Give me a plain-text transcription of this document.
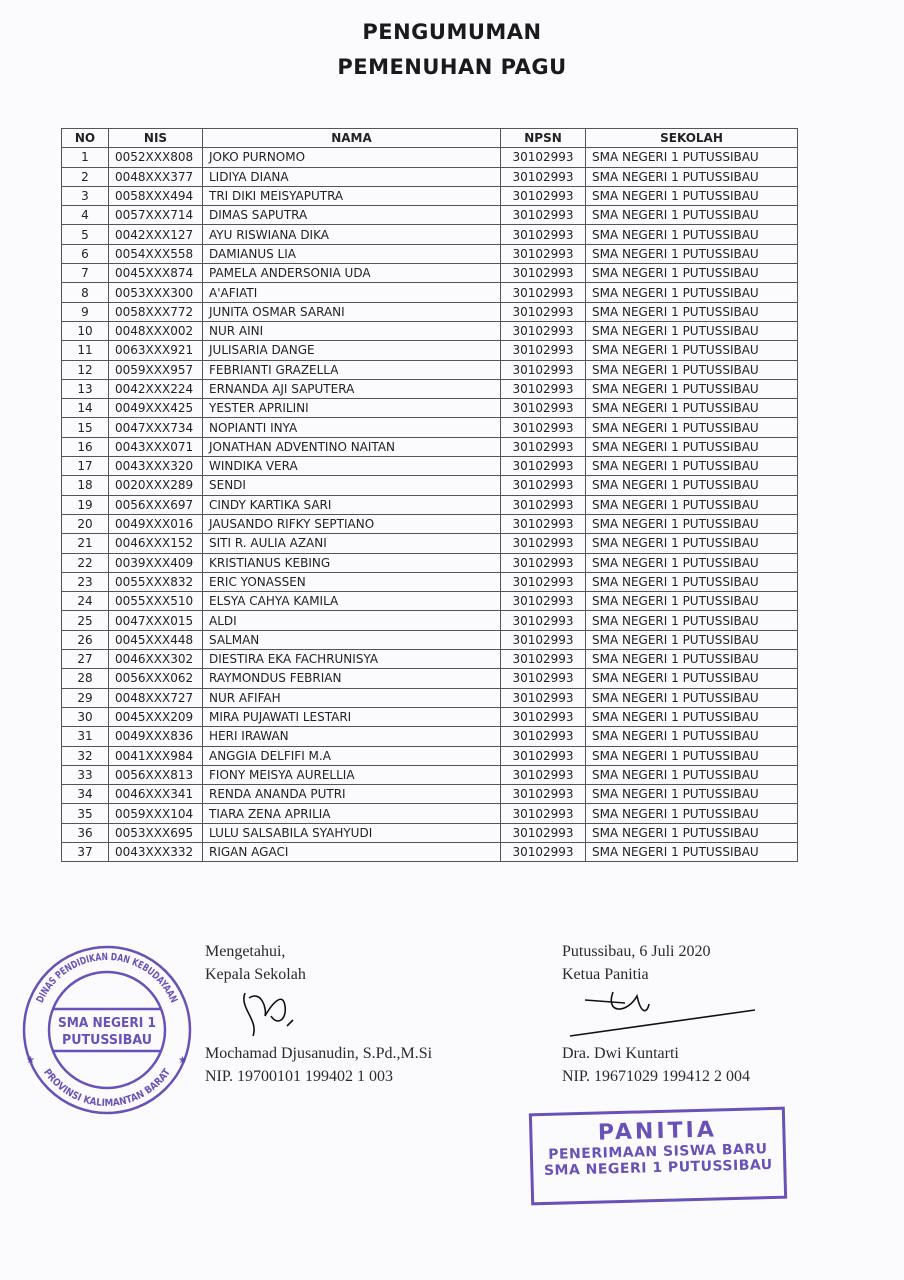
PENGUMUMAN
PEMENUHAN PAGU
NO	NIS	NAMA	NPSN	SEKOLAH
1	0052XXX808	JOKO PURNOMO	30102993	SMA NEGERI 1 PUTUSSIBAU
2	0048XXX377	LIDIYA DIANA	30102993	SMA NEGERI 1 PUTUSSIBAU
3	0058XXX494	TRI DIKI MEISYAPUTRA	30102993	SMA NEGERI 1 PUTUSSIBAU
4	0057XXX714	DIMAS SAPUTRA	30102993	SMA NEGERI 1 PUTUSSIBAU
5	0042XXX127	AYU RISWIANA DIKA	30102993	SMA NEGERI 1 PUTUSSIBAU
6	0054XXX558	DAMIANUS LIA	30102993	SMA NEGERI 1 PUTUSSIBAU
7	0045XXX874	PAMELA ANDERSONIA UDA	30102993	SMA NEGERI 1 PUTUSSIBAU
8	0053XXX300	A'AFIATI	30102993	SMA NEGERI 1 PUTUSSIBAU
9	0058XXX772	JUNITA OSMAR SARANI	30102993	SMA NEGERI 1 PUTUSSIBAU
10	0048XXX002	NUR AINI	30102993	SMA NEGERI 1 PUTUSSIBAU
11	0063XXX921	JULISARIA DANGE	30102993	SMA NEGERI 1 PUTUSSIBAU
12	0059XXX957	FEBRIANTI GRAZELLA	30102993	SMA NEGERI 1 PUTUSSIBAU
13	0042XXX224	ERNANDA AJI SAPUTERA	30102993	SMA NEGERI 1 PUTUSSIBAU
14	0049XXX425	YESTER APRILINI	30102993	SMA NEGERI 1 PUTUSSIBAU
15	0047XXX734	NOPIANTI INYA	30102993	SMA NEGERI 1 PUTUSSIBAU
16	0043XXX071	JONATHAN ADVENTINO NAITAN	30102993	SMA NEGERI 1 PUTUSSIBAU
17	0043XXX320	WINDIKA VERA	30102993	SMA NEGERI 1 PUTUSSIBAU
18	0020XXX289	SENDI	30102993	SMA NEGERI 1 PUTUSSIBAU
19	0056XXX697	CINDY KARTIKA SARI	30102993	SMA NEGERI 1 PUTUSSIBAU
20	0049XXX016	JAUSANDO RIFKY SEPTIANO	30102993	SMA NEGERI 1 PUTUSSIBAU
21	0046XXX152	SITI R. AULIA AZANI	30102993	SMA NEGERI 1 PUTUSSIBAU
22	0039XXX409	KRISTIANUS KEBING	30102993	SMA NEGERI 1 PUTUSSIBAU
23	0055XXX832	ERIC YONASSEN	30102993	SMA NEGERI 1 PUTUSSIBAU
24	0055XXX510	ELSYA CAHYA KAMILA	30102993	SMA NEGERI 1 PUTUSSIBAU
25	0047XXX015	ALDI	30102993	SMA NEGERI 1 PUTUSSIBAU
26	0045XXX448	SALMAN	30102993	SMA NEGERI 1 PUTUSSIBAU
27	0046XXX302	DIESTIRA EKA FACHRUNISYA	30102993	SMA NEGERI 1 PUTUSSIBAU
28	0056XXX062	RAYMONDUS FEBRIAN	30102993	SMA NEGERI 1 PUTUSSIBAU
29	0048XXX727	NUR AFIFAH	30102993	SMA NEGERI 1 PUTUSSIBAU
30	0045XXX209	MIRA PUJAWATI LESTARI	30102993	SMA NEGERI 1 PUTUSSIBAU
31	0049XXX836	HERI IRAWAN	30102993	SMA NEGERI 1 PUTUSSIBAU
32	0041XXX984	ANGGIA DELFIFI M.A	30102993	SMA NEGERI 1 PUTUSSIBAU
33	0056XXX813	FIONY MEISYA AURELLIA	30102993	SMA NEGERI 1 PUTUSSIBAU
34	0046XXX341	RENDA ANANDA PUTRI	30102993	SMA NEGERI 1 PUTUSSIBAU
35	0059XXX104	TIARA ZENA APRILIA	30102993	SMA NEGERI 1 PUTUSSIBAU
36	0053XXX695	LULU SALSABILA SYAHYUDI	30102993	SMA NEGERI 1 PUTUSSIBAU
37	0043XXX332	RIGAN AGACI	30102993	SMA NEGERI 1 PUTUSSIBAU
DINAS PENDIDIKAN DAN KEBUDAYAAN
PROVINSI KALIMANTAN BARAT
SMA NEGERI 1
PUTUSSIBAU
★	★
Mengetahui,
Kepala Sekolah
Mochamad Djusanudin, S.Pd.,M.Si
NIP. 19700101 199402 1 003
Putussibau, 6 Juli 2020
Ketua Panitia
Dra. Dwi Kuntarti
NIP. 19671029 199412 2 004
PANITIA
PENERIMAAN SISWA BARU
SMA NEGERI 1 PUTUSSIBAU
